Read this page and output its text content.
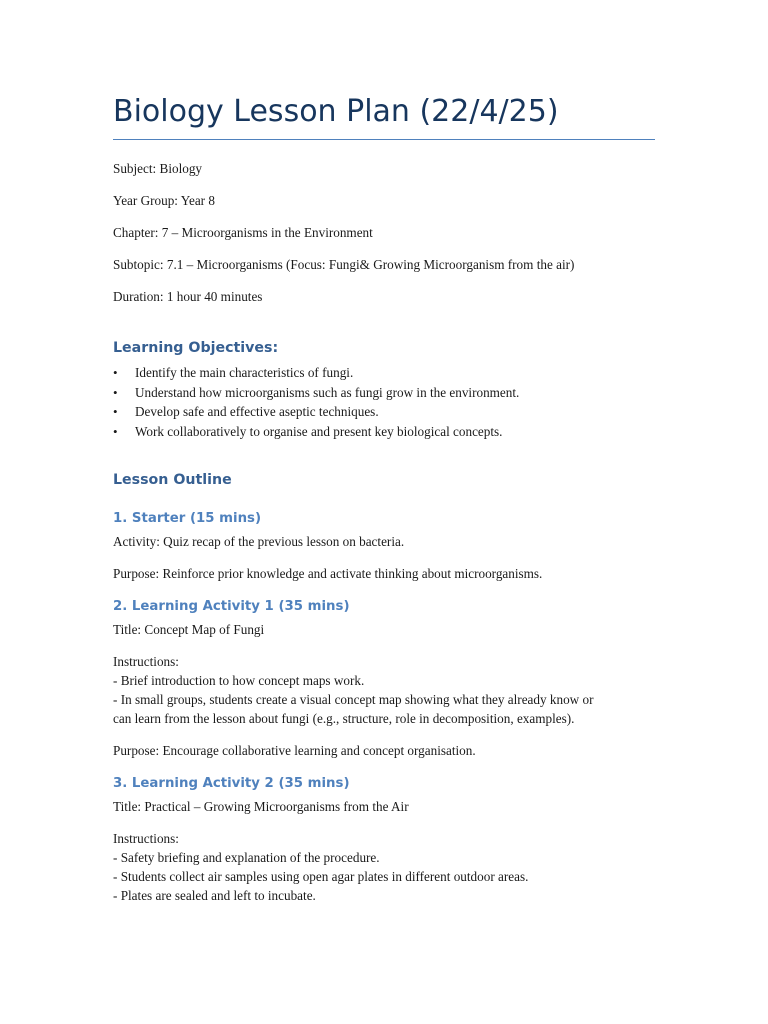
Biology Lesson Plan (22/4/25)

Subject: Biology

Year Group: Year 8

Chapter: 7 – Microorganisms in the Environment

Subtopic: 7.1 – Microorganisms (Focus: Fungi& Growing Microorganism from the air)

Duration: 1 hour 40 minutes

Learning Objectives:
• Identify the main characteristics of fungi.
• Understand how microorganisms such as fungi grow in the environment.
• Develop safe and effective aseptic techniques.
• Work collaboratively to organise and present key biological concepts.
Lesson Outline
1. Starter (15 mins)

Activity: Quiz recap of the previous lesson on bacteria.

Purpose: Reinforce prior knowledge and activate thinking about microorganisms.

2. Learning Activity 1 (35 mins)

Title: Concept Map of Fungi

Instructions:

- Brief introduction to how concept maps work.

- In small groups, students create a visual concept map showing what they already know or

can learn from the lesson about fungi (e.g., structure, role in decomposition, examples).

Purpose: Encourage collaborative learning and concept organisation.

3. Learning Activity 2 (35 mins)

Title: Practical – Growing Microorganisms from the Air

Instructions:

- Safety briefing and explanation of the procedure.

- Students collect air samples using open agar plates in different outdoor areas.

- Plates are sealed and left to incubate.
